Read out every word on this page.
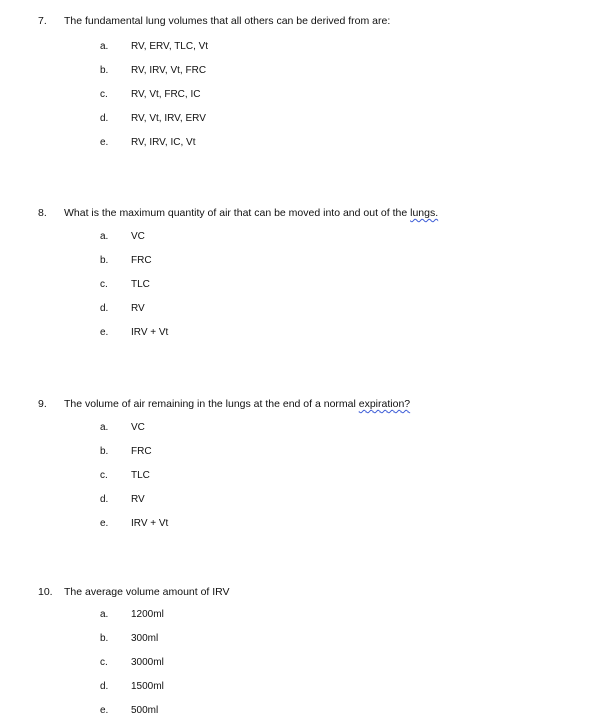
7. The fundamental lung volumes that all others can be derived from are:
a. RV, ERV, TLC, Vt
b. RV, IRV, Vt, FRC
c. RV, Vt, FRC, IC
d. RV, Vt, IRV, ERV
e. RV, IRV, IC, Vt
8. What is the maximum quantity of air that can be moved into and out of the lungs.
a. VC
b. FRC
c. TLC
d. RV
e. IRV + Vt
9. The volume of air remaining in the lungs at the end of a normal expiration?
a. VC
b. FRC
c. TLC
d. RV
e. IRV + Vt
10. The average volume amount of IRV
a. 1200ml
b. 300ml
c. 3000ml
d. 1500ml
e. 500ml
